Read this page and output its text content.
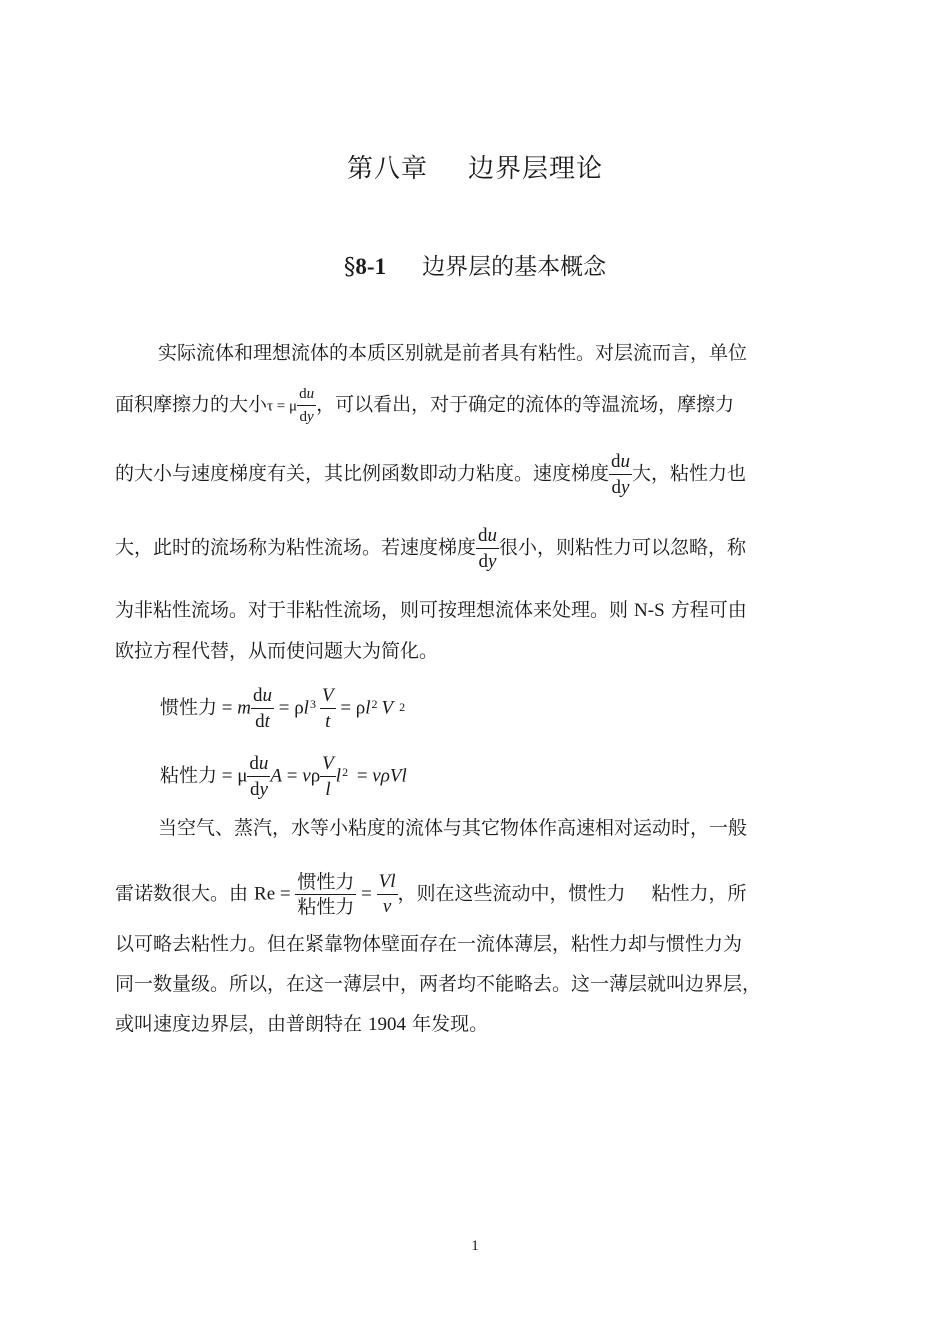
第八章 边界层理论
§8-1 边界层的基本概念
实际流体和理想流体的本质区别就是前者具有粘性。对层流而言，单位
面积摩擦力的大小τ = μ $\frac{du}{dy}$ ，可以看出，对于确定的流体的等温流场，摩擦力
的大小与速度梯度有关，其比例函数即动力粘度。速度梯度 $\frac{du}{dy}$ 大，粘性力也
大，此时的流场称为粘性流场。若速度梯度 $\frac{du}{dy}$ 很小，则粘性力可以忽略，称
为非粘性流场。对于非粘性流场，则可按理想流体来处理。则 N-S 方程可由
欧拉方程代替，从而使问题大为简化。
惯性力 = m $\frac{du}{dt} = \rho l^3 \frac{V}{t} = \rho l^2$ V 2
粘性力 = μ $\frac{du}{dy}$ A = vρ $\frac{V}{l} l^2 = v\rho Vl$
当空气、蒸汽，水等小粘度的流体与其它物体作高速相对运动时，一般
雷诺数很大。由 $Re = \frac{\text{惯性力}}{\text{粘性力}} = \frac{Vl}{v}$ ，则在这些流动中，惯性力 粘性力，所
以可略去粘性力。但在紧靠物体壁面存在一流体薄层，粘性力却与惯性力为
同一数量级。所以，在这一薄层中，两者均不能略去。这一薄层就叫边界层，
或叫速度边界层，由普朗特在 1904 年发现。
1
